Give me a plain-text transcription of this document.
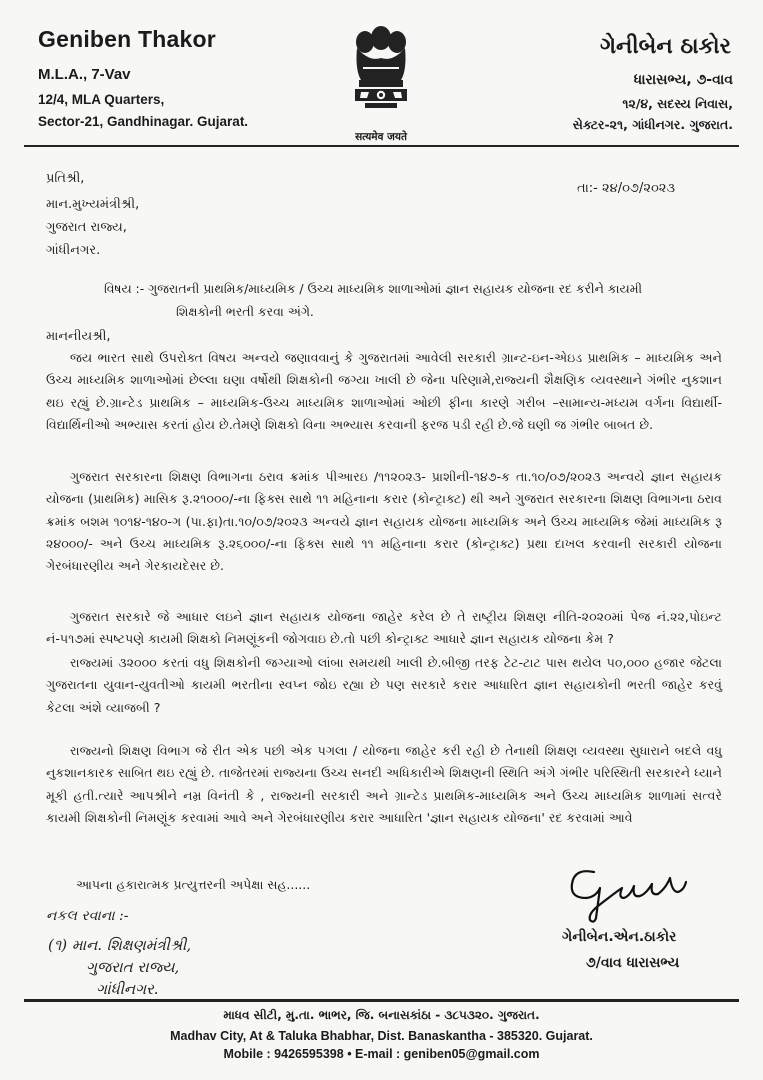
Geniben Thakor
M.L.A., 7-Vav
12/4, MLA Quarters,
Sector-21, Gandhinagar. Gujarat.
सत्यमेव जयते
ગેનીબેન ઠાકોર
ધારાસભ્ય, ૭-વાવ
૧૨/૪, સદસ્ય નિવાસ,
સેક્ટર-૨૧, ગાંધીનગર. ગુજરાત.
પ્રતિશ્રી,
તા:- ૨૪/૦૭/૨૦૨૩
માન.મુખ્યમંત્રીશ્રી,
ગુજરાત રાજ્ય,
ગાંધીનગર.
વિષય :- ગુજરાતની પ્રાથમિક/માધ્યમિક / ઉચ્ચ માધ્યમિક શાળાઓમાં જ્ઞાન સહાયક યોજના રદ કરીને કાયમી
શિક્ષકોની ભરતી કરવા અંગે.
માનનીયશ્રી,
જય ભારત સાથે ઉપરોક્ત વિષય અન્વયે જણાવવાનું કે ગુજરાતમાં આવેલી સરકારી ગ્રાન્ટ-ઇન-એઇડ પ્રાથમિક – માધ્યમિક અને ઉચ્ચ માધ્યમિક શાળાઓમાં છેલ્લા ઘણા વર્ષોથી શિક્ષકોની જગ્યા ખાલી છે જેના પરિણામે,રાજ્યની શૈક્ષણિક વ્યવસ્થાને ગંભીર નુકશાન થઇ રહ્યું છે.ગ્રાન્ટેડ પ્રાથમિક – માધ્યમિક-ઉચ્ચ માધ્યમિક શાળાઓમાં ઓછી ફીના કારણે ગરીબ –સામાન્ય-મધ્યમ વર્ગના વિદ્યાર્થી-વિદ્યાર્થિનીઓ અભ્યાસ કરતાં હોય છે.તેમણે શિક્ષકો વિના અભ્યાસ કરવાની ફરજ પડી રહી છે.જે ઘણી જ ગંભીર બાબત છે.
ગુજરાત સરકારના શિક્ષણ વિભાગના ઠરાવ ક્રમાંક પીઆરઇ /૧૧૨૦૨૩- પ્રાશીની-૧૪૭-ક તા.૧૦/૦૭/૨૦૨૩ અન્વયે જ્ઞાન સહાયક યોજના (પ્રાથમિક) માસિક રૂ.૨૧૦૦૦/-ના ફિક્સ સાથે ૧૧ મહિનાના કરાર (કોન્ટ્રાક્ટ) થી અને ગુજરાત સરકારના શિક્ષણ વિભાગના ઠરાવ ક્રમાંક બશમ ૧૦૧૪-૧૪૦-ગ (પા.ફા)તા.૧૦/૦૭/૨૦૨૩ અન્વયે જ્ઞાન સહાયક યોજના માધ્યમિક અને ઉચ્ચ માધ્યમિક જેમાં માધ્યમિક રૂ ૨૪૦૦૦/- અને ઉચ્ચ માધ્યમિક રૂ.૨૬૦૦૦/-ના ફિક્સ સાથે ૧૧ મહિનાના કરાર (કોન્ટ્રાક્ટ) પ્રથા દાખલ કરવાની સરકારી યોજના ગેરબંધારણીય અને ગેરકાયદેસર છે.
ગુજરાત સરકારે જે આધાર લઇને જ્ઞાન સહાયક યોજના જાહેર કરેલ છે તે રાષ્ટ્રીય શિક્ષણ નીતિ-૨૦૨૦માં પેજ નં.૨૨,પોઇન્ટ નં-૫૧૭માં સ્પષ્ટપણે કાયમી શિક્ષકો નિમણૂંકની જોગવાઇ છે.તો પછી કોન્ટ્રાક્ટ આધારે જ્ઞાન સહાયક યોજના કેમ ?
રાજ્યમાં ૩૨૦૦૦ કરતાં વધુ શિક્ષકોની જગ્યાઓ લાંબા સમયથી ખાલી છે.બીજી તરફ ટેટ-ટાટ પાસ થયેલ ૫૦,૦૦૦ હજાર જેટલા ગુજરાતના યુવાન-યુવતીઓ કાયમી ભરતીના સ્વપ્ન જોઇ રહ્યા છે પણ સરકારે કરાર આધારિત જ્ઞાન સહાયકોની ભરતી જાહેર કરવું કેટલા અંશે વ્યાજબી ?
રાજ્યનો શિક્ષણ વિભાગ જે રીત એક પછી એક પગલા / યોજના જાહેર કરી રહી છે તેનાથી શિક્ષણ વ્યવસ્થા સુધારાને બદલે વધુ નુકશાનકારક સાબિત થઇ રહ્યું છે. તાજેતરમાં રાજ્યના ઉચ્ચ સનદી અધિકારીએ શિક્ષણની સ્થિતિ અંગે ગંભીર પરિસ્થિતી સરકારને ધ્યાને મૂકી હતી.ત્યારે આપશ્રીને નમ્ર વિનંતી કે , રાજ્યની સરકારી અને ગ્રાન્ટેડ પ્રાથમિક-માધ્યમિક અને ઉચ્ચ માધ્યમિક શાળામાં સત્વરે કાયમી શિક્ષકોની નિમણૂંક કરવામાં આવે અને ગેરબંધારણીય કરાર આધારિત 'જ્ઞાન સહાયક યોજના' રદ કરવામાં આવે
આપના હકારાત્મક પ્રત્યુત્તરની અપેક્ષા સહ......
નકલ રવાના :-
(૧) માન. શિક્ષણમંત્રીશ્રી,
ગુજરાત રાજ્ય,
ગાંધીનગર.
ગેનીબેન.એન.ઠાકોર
૭/વાવ ધારાસભ્ય
માધવ સીટી, મુ.તા. ભાભર, જિ. બનાસકાંઠા - ૩૮૫૩૨૦. ગુજરાત.
Madhav City, At & Taluka Bhabhar, Dist. Banaskantha - 385320. Gujarat.
Mobile : 9426595398 • E-mail : geniben05@gmail.com
